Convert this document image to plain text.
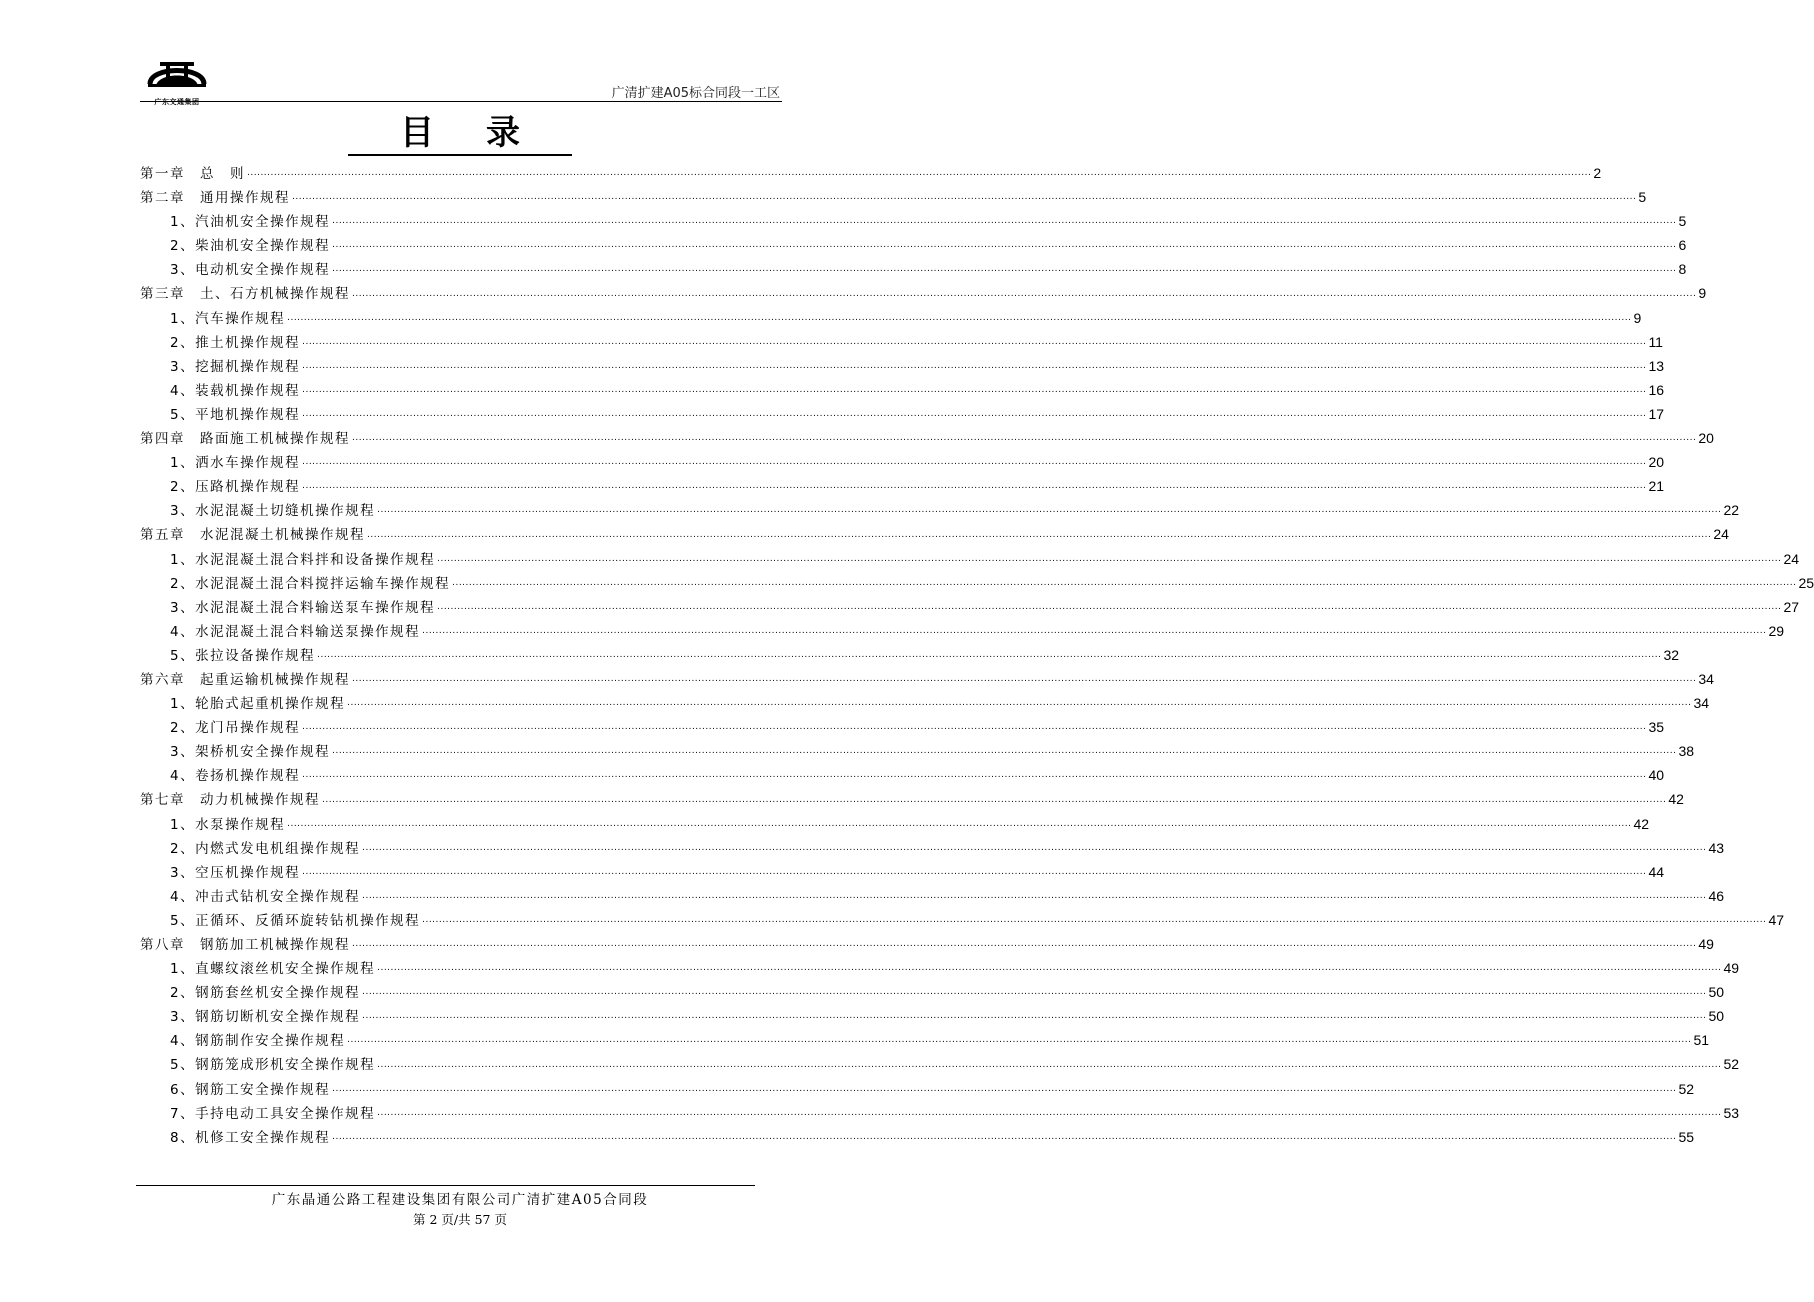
广东交通集团
广清扩建A05标合同段一工区
目录
第一章　总　则 ................................................................................................................................................................................................................................................................................................................................................................................................................ 2
第二章　通用操作规程 ................................................................................................................................................................................................................................................................................................................................................................................................................ 5
1、汽油机安全操作规程 ................................................................................................................................................................................................................................................................................................................................................................................................................ 5
2、柴油机安全操作规程 ................................................................................................................................................................................................................................................................................................................................................................................................................ 6
3、电动机安全操作规程 ................................................................................................................................................................................................................................................................................................................................................................................................................ 8
第三章　土、石方机械操作规程 ................................................................................................................................................................................................................................................................................................................................................................................................................ 9
1、汽车操作规程 ................................................................................................................................................................................................................................................................................................................................................................................................................ 9
2、推土机操作规程 ................................................................................................................................................................................................................................................................................................................................................................................................................ 11
3、挖掘机操作规程 ................................................................................................................................................................................................................................................................................................................................................................................................................ 13
4、装载机操作规程 ................................................................................................................................................................................................................................................................................................................................................................................................................ 16
5、平地机操作规程 ................................................................................................................................................................................................................................................................................................................................................................................................................ 17
第四章　路面施工机械操作规程 ................................................................................................................................................................................................................................................................................................................................................................................................................ 20
1、洒水车操作规程 ................................................................................................................................................................................................................................................................................................................................................................................................................ 20
2、压路机操作规程 ................................................................................................................................................................................................................................................................................................................................................................................................................ 21
3、水泥混凝土切缝机操作规程 ................................................................................................................................................................................................................................................................................................................................................................................................................ 22
第五章　水泥混凝土机械操作规程 ................................................................................................................................................................................................................................................................................................................................................................................................................ 24
1、水泥混凝土混合料拌和设备操作规程 ................................................................................................................................................................................................................................................................................................................................................................................................................ 24
2、水泥混凝土混合料搅拌运输车操作规程 ................................................................................................................................................................................................................................................................................................................................................................................................................ 25
3、水泥混凝土混合料输送泵车操作规程 ................................................................................................................................................................................................................................................................................................................................................................................................................ 27
4、水泥混凝土混合料输送泵操作规程 ................................................................................................................................................................................................................................................................................................................................................................................................................ 29
5、张拉设备操作规程 ................................................................................................................................................................................................................................................................................................................................................................................................................ 32
第六章　起重运输机械操作规程 ................................................................................................................................................................................................................................................................................................................................................................................................................ 34
1、轮胎式起重机操作规程 ................................................................................................................................................................................................................................................................................................................................................................................................................ 34
2、龙门吊操作规程 ................................................................................................................................................................................................................................................................................................................................................................................................................ 35
3、架桥机安全操作规程 ................................................................................................................................................................................................................................................................................................................................................................................................................ 38
4、卷扬机操作规程 ................................................................................................................................................................................................................................................................................................................................................................................................................ 40
第七章　动力机械操作规程 ................................................................................................................................................................................................................................................................................................................................................................................................................ 42
1、水泵操作规程 ................................................................................................................................................................................................................................................................................................................................................................................................................ 42
2、内燃式发电机组操作规程 ................................................................................................................................................................................................................................................................................................................................................................................................................ 43
3、空压机操作规程 ................................................................................................................................................................................................................................................................................................................................................................................................................ 44
4、冲击式钻机安全操作规程 ................................................................................................................................................................................................................................................................................................................................................................................................................ 46
5、正循环、反循环旋转钻机操作规程 ................................................................................................................................................................................................................................................................................................................................................................................................................ 47
第八章　钢筋加工机械操作规程 ................................................................................................................................................................................................................................................................................................................................................................................................................ 49
1、直螺纹滚丝机安全操作规程 ................................................................................................................................................................................................................................................................................................................................................................................................................ 49
2、钢筋套丝机安全操作规程 ................................................................................................................................................................................................................................................................................................................................................................................................................ 50
3、钢筋切断机安全操作规程 ................................................................................................................................................................................................................................................................................................................................................................................................................ 50
4、钢筋制作安全操作规程 ................................................................................................................................................................................................................................................................................................................................................................................................................ 51
5、钢筋笼成形机安全操作规程 ................................................................................................................................................................................................................................................................................................................................................................................................................ 52
6、钢筋工安全操作规程 ................................................................................................................................................................................................................................................................................................................................................................................................................ 52
7、手持电动工具安全操作规程 ................................................................................................................................................................................................................................................................................................................................................................................................................ 53
8、机修工安全操作规程 ................................................................................................................................................................................................................................................................................................................................................................................................................ 55
广东晶通公路工程建设集团有限公司广清扩建A05合同段
第 2 页/共 57 页
